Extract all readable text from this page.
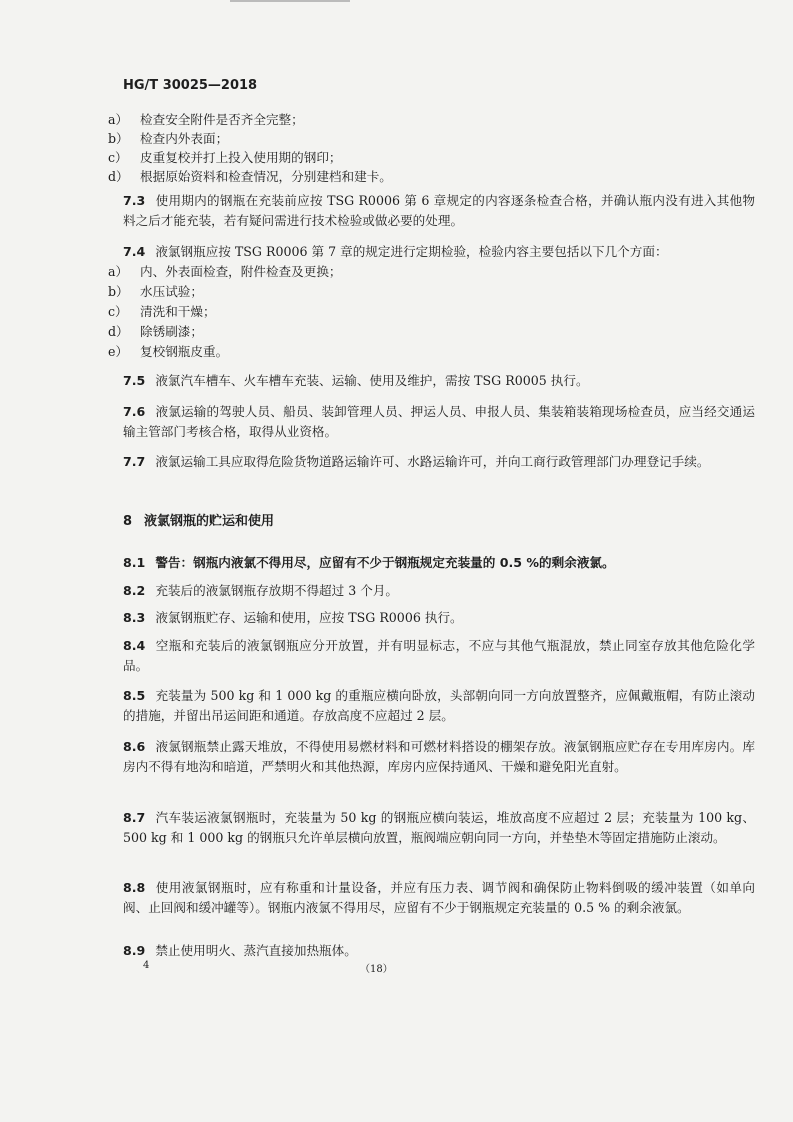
HG/T 30025—2018
a） 检查安全附件是否齐全完整；
b） 检查内外表面；
c） 皮重复校并打上投入使用期的钢印；
d） 根据原始资料和检查情况，分别建档和建卡。
7.3 使用期内的钢瓶在充装前应按 TSG R0006 第 6 章规定的内容逐条检查合格，并确认瓶内没有进入其他物料之后才能充装，若有疑问需进行技术检验或做必要的处理。
7.4 液氯钢瓶应按 TSG R0006 第 7 章的规定进行定期检验，检验内容主要包括以下几个方面：
a） 内、外表面检查，附件检查及更换；
b） 水压试验；
c） 清洗和干燥；
d） 除锈刷漆；
e） 复校钢瓶皮重。
7.5 液氯汽车槽车、火车槽车充装、运输、使用及维护，需按 TSG R0005 执行。
7.6 液氯运输的驾驶人员、船员、装卸管理人员、押运人员、申报人员、集装箱装箱现场检查员，应当经交通运输主管部门考核合格，取得从业资格。
7.7 液氯运输工具应取得危险货物道路运输许可、水路运输许可，并向工商行政管理部门办理登记手续。
8 液氯钢瓶的贮运和使用
8.1 警告：钢瓶内液氯不得用尽，应留有不少于钢瓶规定充装量的 0.5 %的剩余液氯。
8.2 充装后的液氯钢瓶存放期不得超过 3 个月。
8.3 液氯钢瓶贮存、运输和使用，应按 TSG R0006 执行。
8.4 空瓶和充装后的液氯钢瓶应分开放置，并有明显标志，不应与其他气瓶混放，禁止同室存放其他危险化学品。
8.5 充装量为 500 kg 和 1 000 kg 的重瓶应横向卧放，头部朝向同一方向放置整齐，应佩戴瓶帽，有防止滚动的措施，并留出吊运间距和通道。存放高度不应超过 2 层。
8.6 液氯钢瓶禁止露天堆放，不得使用易燃材料和可燃材料搭设的棚架存放。液氯钢瓶应贮存在专用库房内。库房内不得有地沟和暗道，严禁明火和其他热源，库房内应保持通风、干燥和避免阳光直射。
8.7 汽车装运液氯钢瓶时，充装量为 50 kg 的钢瓶应横向装运，堆放高度不应超过 2 层；充装量为 100 kg、500 kg 和 1 000 kg 的钢瓶只允许单层横向放置，瓶阀端应朝向同一方向，并垫垫木等固定措施防止滚动。
8.8 使用液氯钢瓶时，应有称重和计量设备，并应有压力表、调节阀和确保防止物料倒吸的缓冲装置（如单向阀、止回阀和缓冲罐等）。钢瓶内液氯不得用尽，应留有不少于钢瓶规定充装量的 0.5 % 的剩余液氯。
8.9 禁止使用明火、蒸汽直接加热瓶体。
4	（18）
